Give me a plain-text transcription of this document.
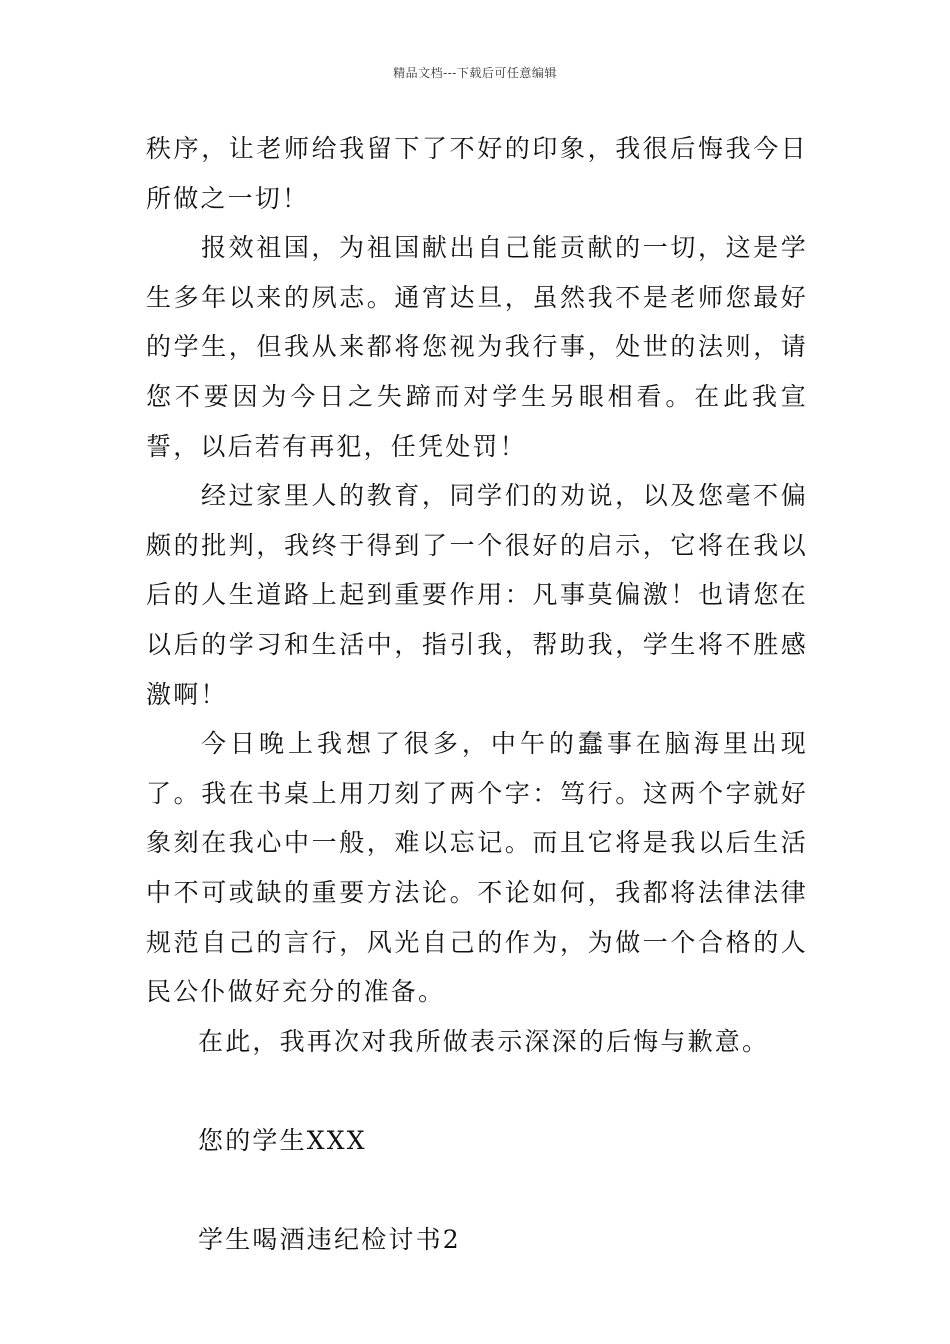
精品文档---下载后可任意编辑

秩序，让老师给我留下了不好的印象，我很后悔我今日所做之一切！

报效祖国，为祖国献出自己能贡献的一切，这是学生多年以来的夙志。通宵达旦，虽然我不是老师您最好的学生，但我从来都将您视为我行事，处世的法则，请您不要因为今日之失蹄而对学生另眼相看。在此我宣誓，以后若有再犯，任凭处罚！

经过家里人的教育，同学们的劝说，以及您毫不偏颇的批判，我终于得到了一个很好的启示，它将在我以后的人生道路上起到重要作用：凡事莫偏激！也请您在以后的学习和生活中，指引我，帮助我，学生将不胜感激啊！

今日晚上我想了很多，中午的蠢事在脑海里出现了。我在书桌上用刀刻了两个字：笃行。这两个字就好象刻在我心中一般，难以忘记。而且它将是我以后生活中不可或缺的重要方法论。不论如何，我都将法律法律规范自己的言行，风光自己的作为，为做一个合格的人民公仆做好充分的准备。

在此，我再次对我所做表示深深的后悔与歉意。

您的学生XXX

学生喝酒违纪检讨书2
